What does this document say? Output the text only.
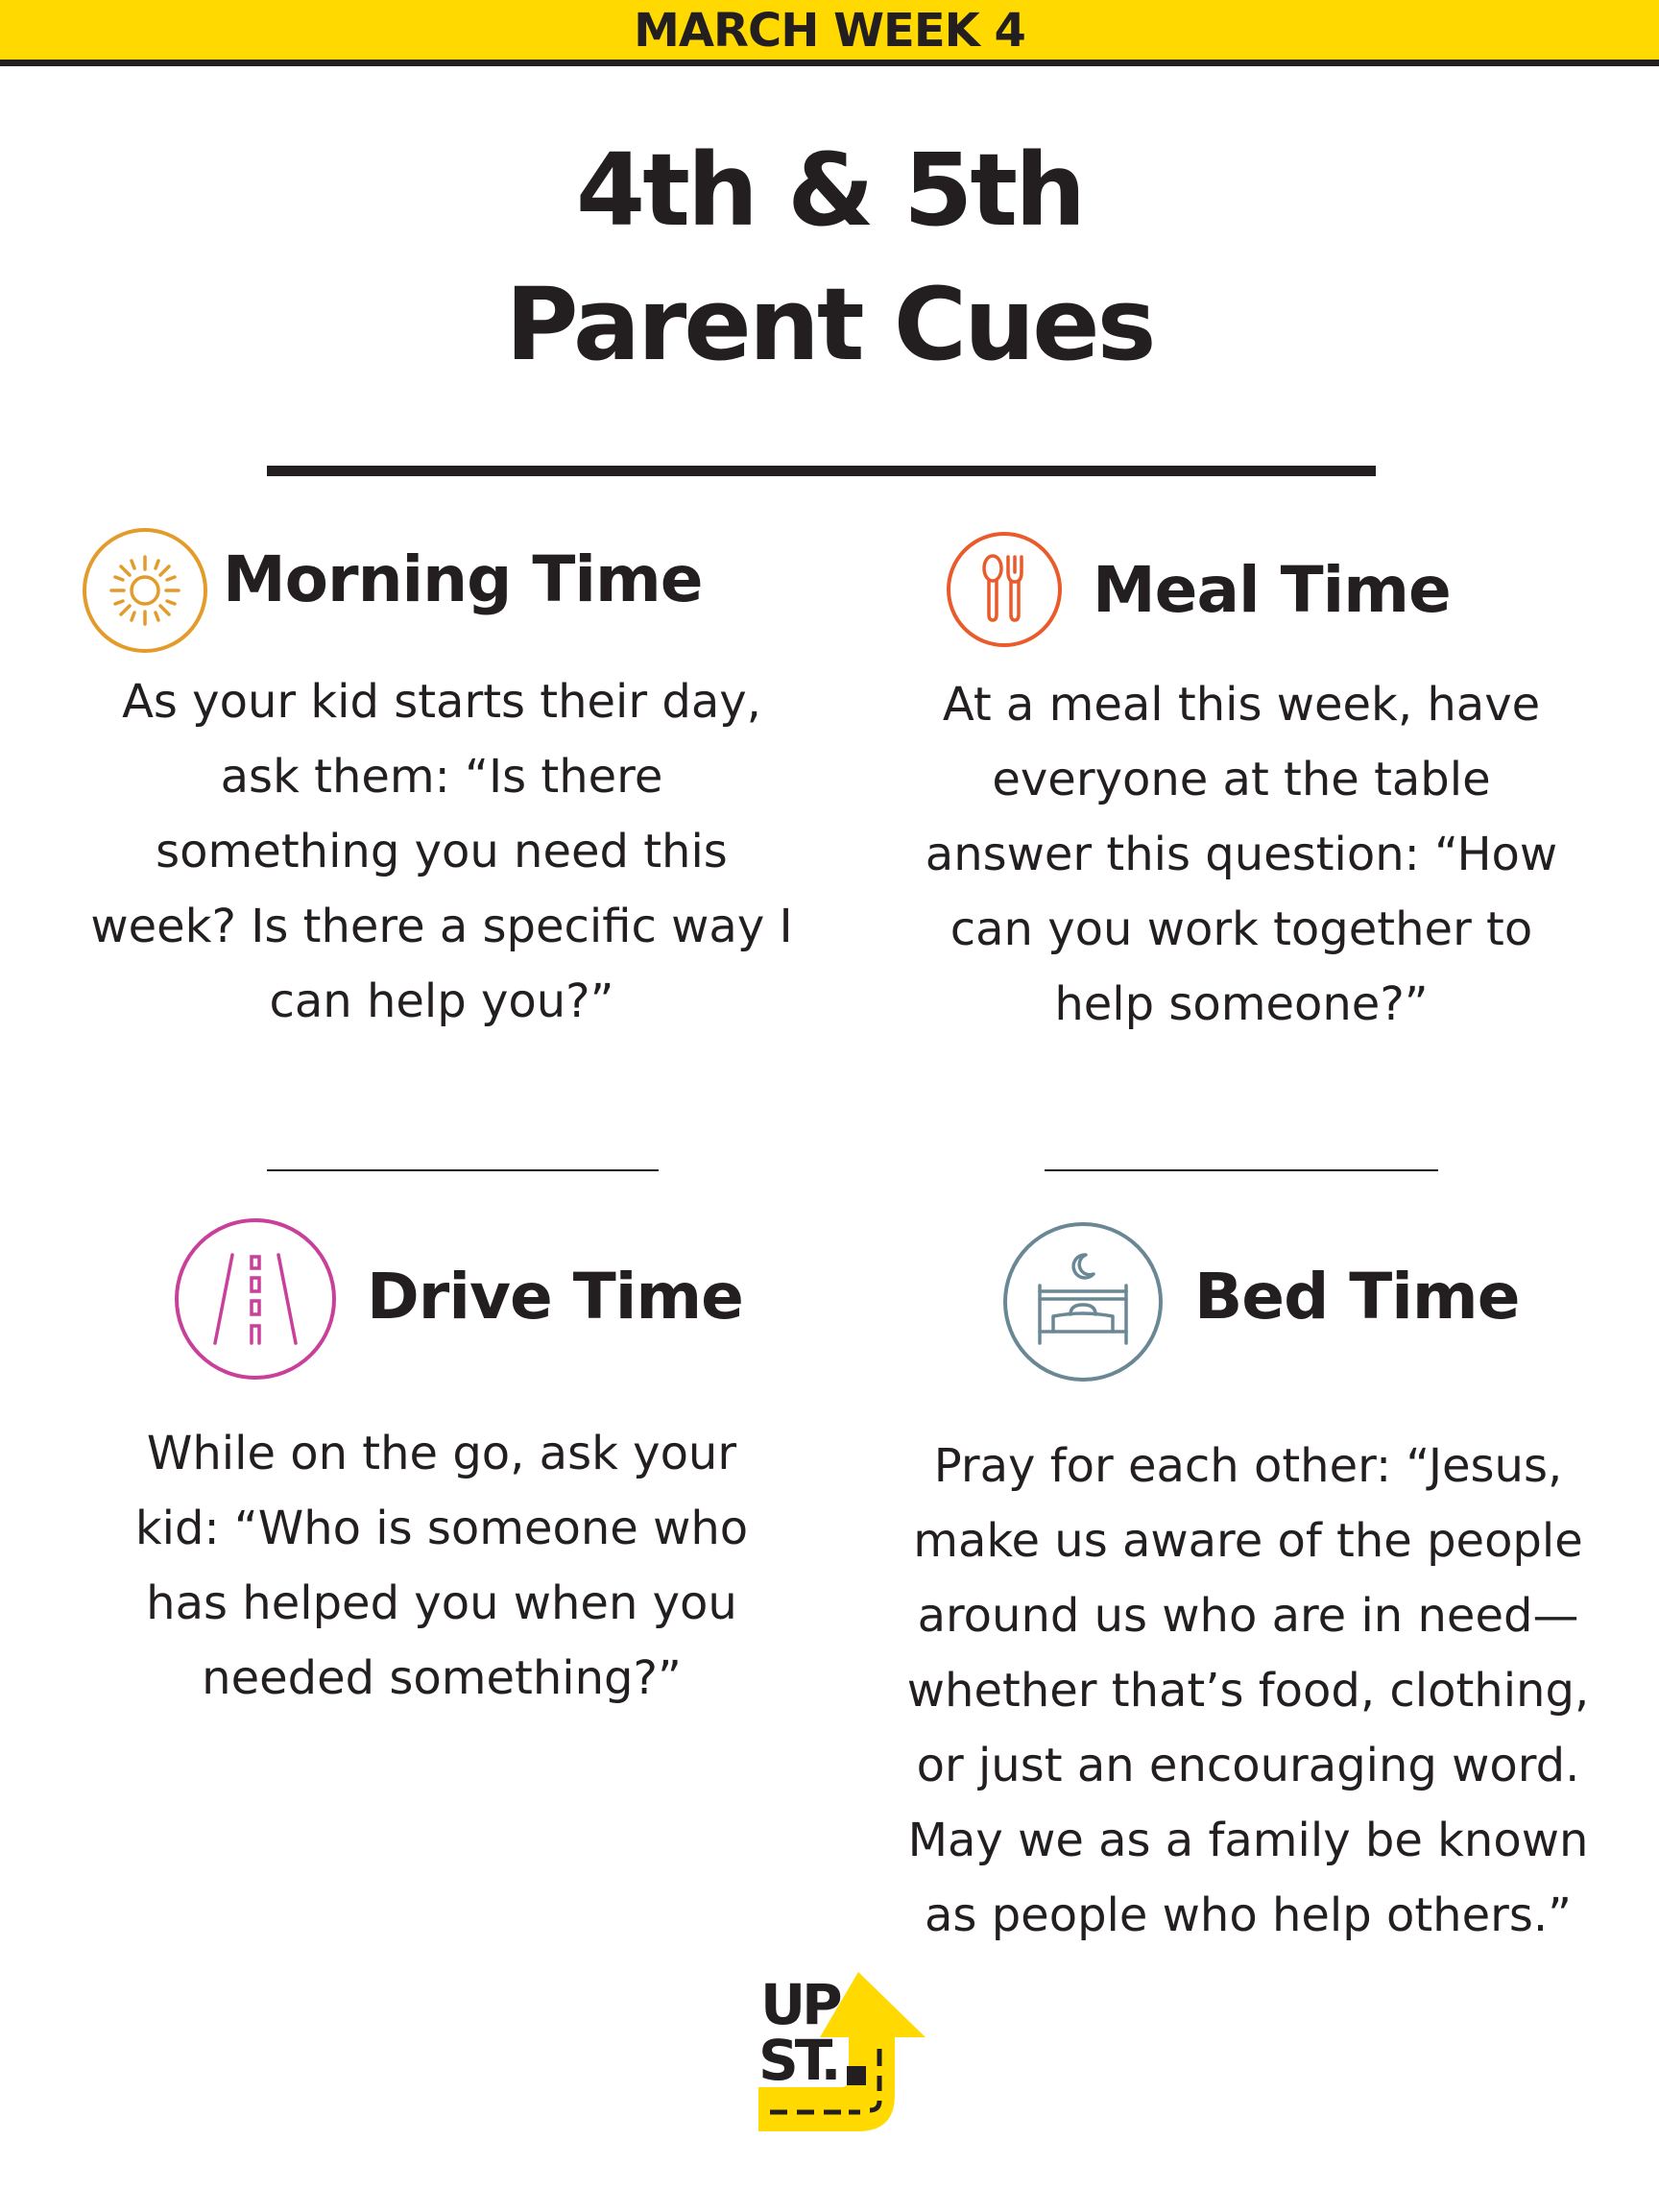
MARCH WEEK 4
4th & 5th
Parent Cues
Morning Time
As your kid starts their day,
ask them: “Is there
something you need this
week? Is there a specific way I
can help you?”
Meal Time
At a meal this week, have
everyone at the table
answer this question: “How
can you work together to
help someone?”
Drive Time
While on the go, ask your
kid: “Who is someone who
has helped you when you
needed something?”
Bed Time
Pray for each other: “Jesus,
make us aware of the people
around us who are in need—
whether that’s food, clothing,
or just an encouraging word.
May we as a family be known
as people who help others.”
UP
ST.
